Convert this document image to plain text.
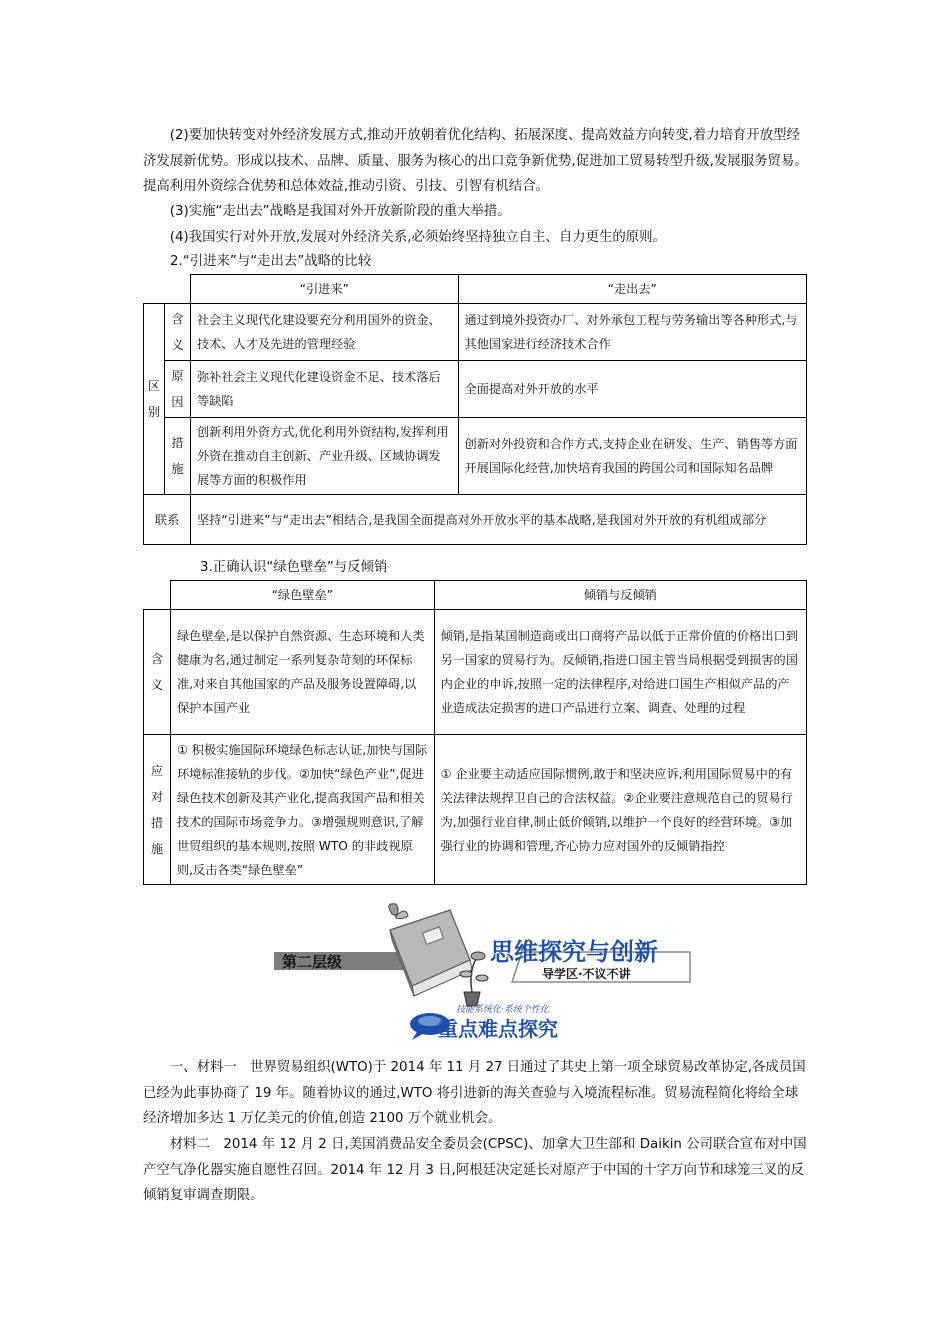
(2)要加快转变对外经济发展方式,推动开放朝着优化结构、拓展深度、提高效益方向转变,着力培育开放型经济发展新优势。形成以技术、品牌、质量、服务为核心的出口竞争新优势,促进加工贸易转型升级,发展服务贸易。提高利用外资综合优势和总体效益,推动引资、引技、引智有机结合。

(3)实施“走出去”战略是我国对外开放新阶段的重大举措。

(4)我国实行对外开放,发展对外经济关系,必须始终坚持独立自主、自力更生的原则。

2.“引进来”与“走出去”战略的比较

		“引进来”	“走出去”
区别	含义	社会主义现代化建设要充分利用国外的资金、技术、人才及先进的管理经验	通过到境外投资办厂、对外承包工程与劳务输出等各种形式,与其他国家进行经济技术合作
	原因	弥补社会主义现代化建设资金不足、技术落后等缺陷	全面提高对外开放的水平
	措施	创新利用外资方式,优化利用外资结构,发挥利用外资在推动自主创新、产业升级、区域协调发展等方面的积极作用	创新对外投资和合作方式,支持企业在研发、生产、销售等方面开展国际化经营,加快培育我国的跨国公司和国际知名品牌
联系		坚持“引进来”与“走出去”相结合,是我国全面提高对外开放水平的基本战略,是我国对外开放的有机组成部分	

3.正确认识“绿色壁垒”与反倾销

	“绿色壁垒”	倾销与反倾销
含义	绿色壁垒,是以保护自然资源、生态环境和人类健康为名,通过制定一系列复杂苛刻的环保标准,对来自其他国家的产品及服务设置障碍,以保护本国产业	倾销,是指某国制造商或出口商将产品以低于正常价值的价格出口到另一国家的贸易行为。反倾销,指进口国主管当局根据受到损害的国内企业的申诉,按照一定的法律程序,对给进口国生产相似产品的产业造成法定损害的进口产品进行立案、调查、处理的过程
应对措施	① 积极实施国际环境绿色标志认证,加快与国际环境标准接轨的步伐。②加快“绿色产业”,促进绿色技术创新及其产业化,提高我国产品和相关技术的国际市场竞争力。③增强规则意识,了解世贸组织的基本规则,按照 WTO 的非歧视原则,反击各类“绿色壁垒”	① 企业要主动适应国际惯例,敢于和坚决应诉,利用国际贸易中的有关法律法规捍卫自己的合法权益。②企业要注意规范自己的贸易行为,加强行业自律,制止低价倾销,以维护一个良好的经营环境。③加强行业的协调和管理,齐心协力应对国外的反倾销指控
第二层级	思维探究与创新
导学区·不议不讲
技能系统化·系统个性化
重点难点探究

一、材料一　世界贸易组织(WTO)于 2014 年 11 月 27 日通过了其史上第一项全球贸易改革协定,各成员国已经为此事协商了 19 年。随着协议的通过,WTO 将引进新的海关查验与入境流程标准。贸易流程简化将给全球经济增加多达 1 万亿美元的价值,创造 2100 万个就业机会。

材料二　2014 年 12 月 2 日,美国消费品安全委员会(CPSC)、加拿大卫生部和 Daikin 公司联合宣布对中国产空气净化器实施自愿性召回。2014 年 12 月 3 日,阿根廷决定延长对原产于中国的十字万向节和球笼三叉的反倾销复审调查期限。
